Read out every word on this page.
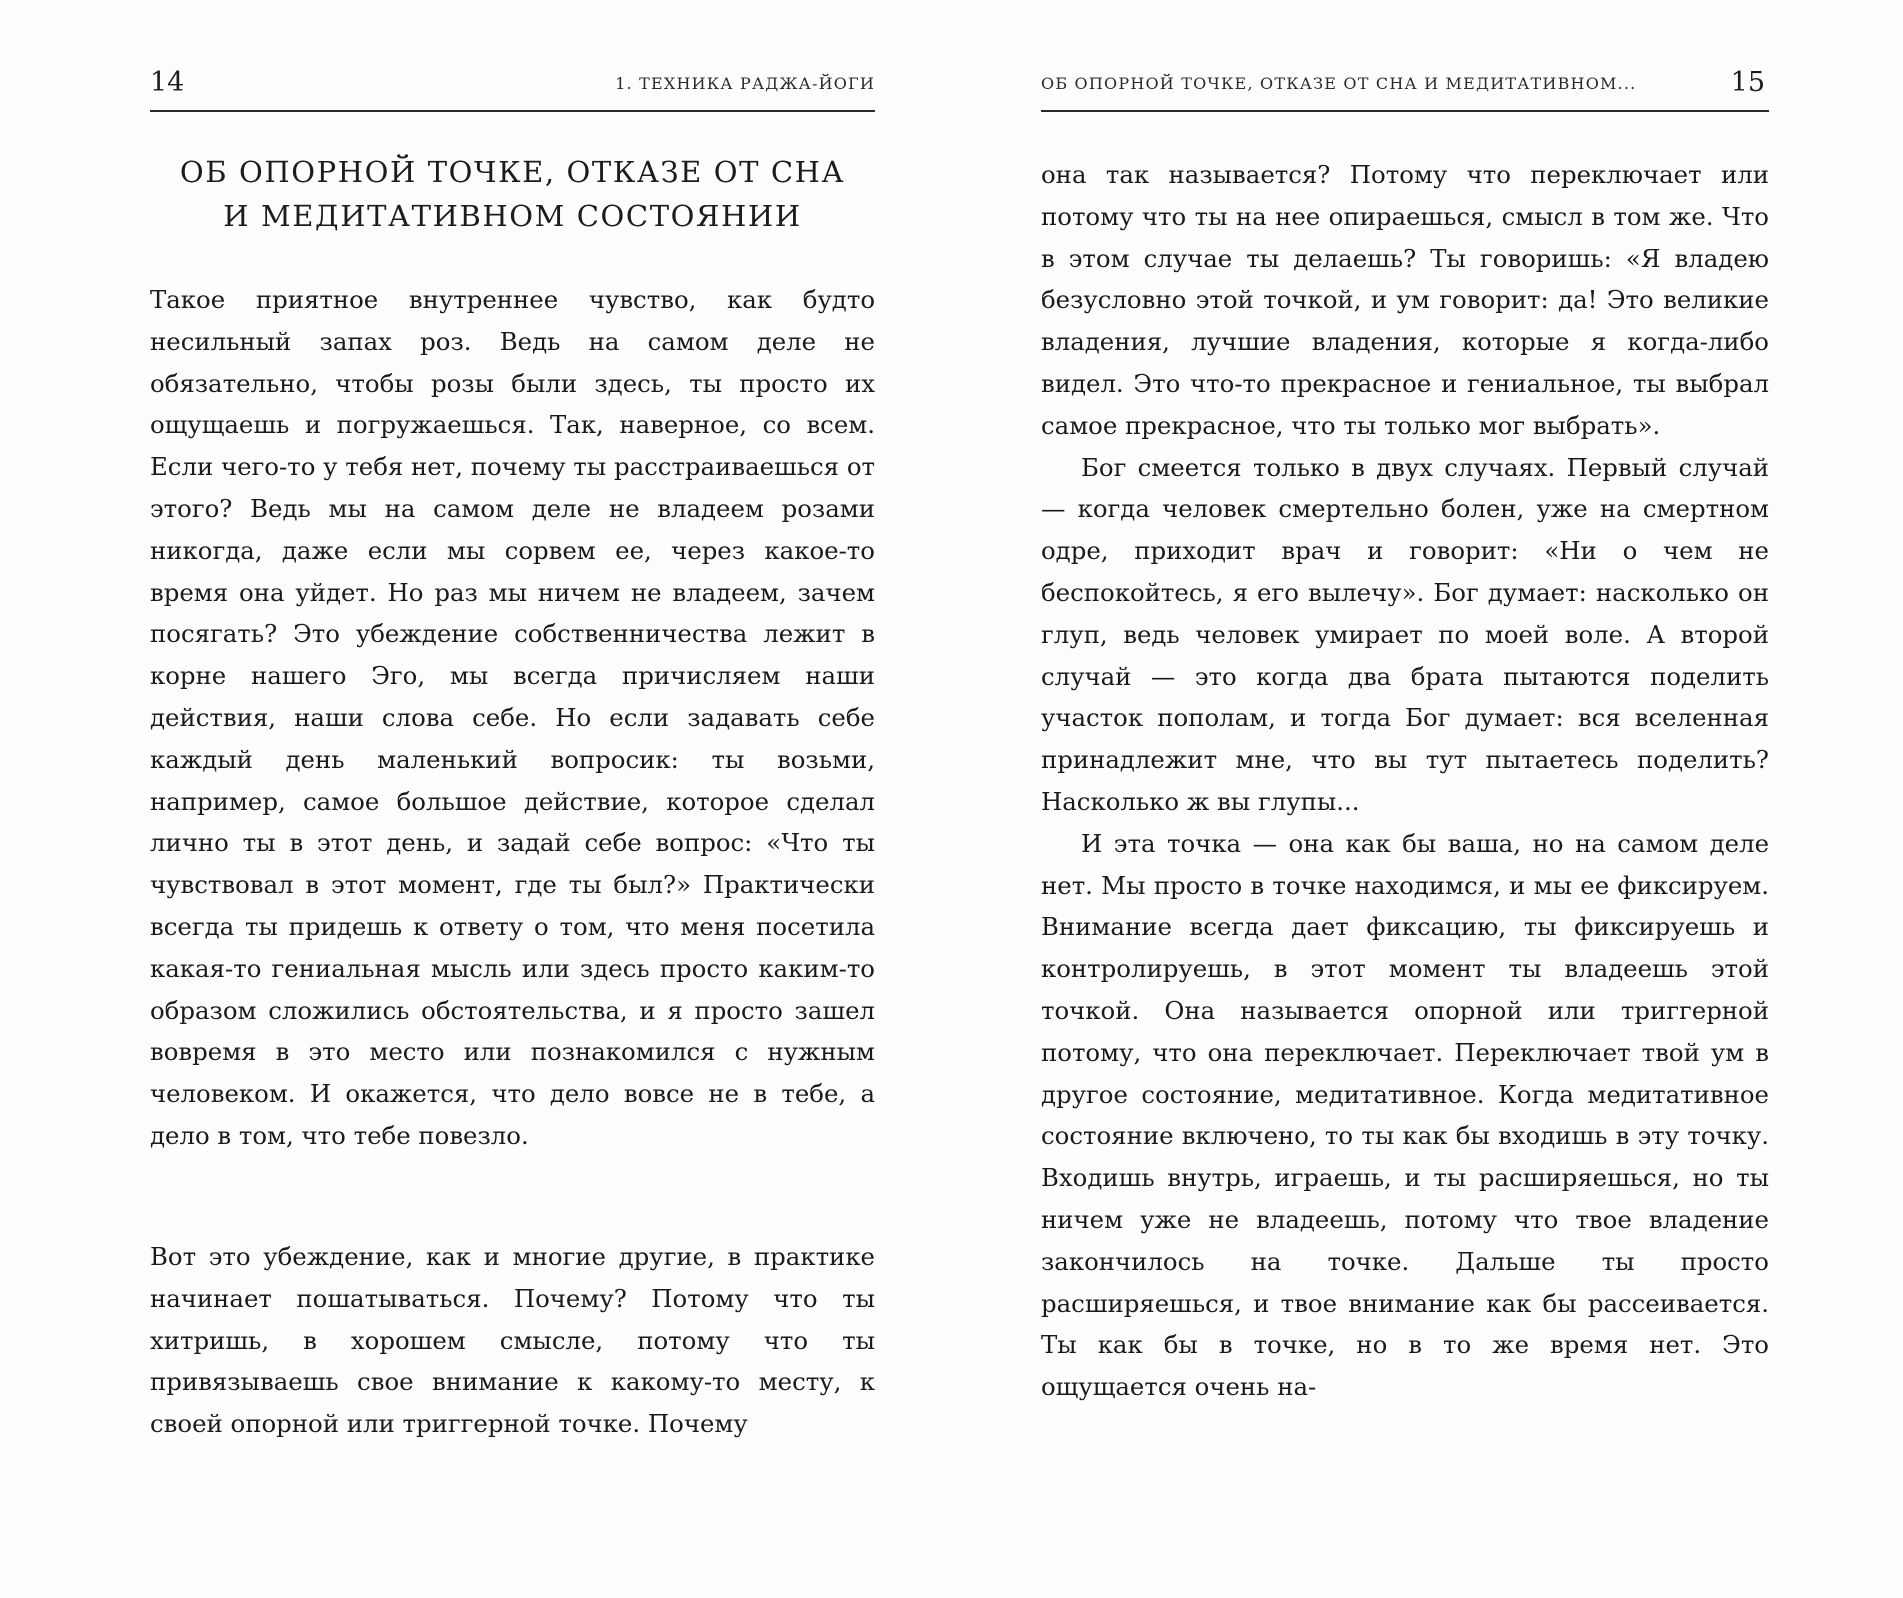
14	1. ТЕХНИКА РАДЖА-ЙОГИ
ОБ ОПОРНОЙ ТОЧКЕ, ОТКАЗЕ ОТ СНА
И МЕДИТАТИВНОМ СОСТОЯНИИ

Такое приятное внутреннее чувство, как будто несильный запах роз. Ведь на самом деле не обязательно, чтобы розы были здесь, ты просто их ощущаешь и погружаешься. Так, наверное, со всем. Если чего-то у тебя нет, почему ты расстраиваешься от этого? Ведь мы на самом деле не владеем розами никогда, даже если мы сорвем ее, через какое-то время она уйдет. Но раз мы ничем не владеем, зачем посягать? Это убеждение собственничества лежит в корне нашего Эго, мы всегда причисляем наши действия, наши слова себе. Но если задавать себе каждый день маленький вопросик: ты возьми, например, самое большое действие, которое сделал лично ты в этот день, и задай себе вопрос: «Что ты чувствовал в этот момент, где ты был?» Практически всегда ты придешь к ответу о том, что меня посетила какая-то гениальная мысль или здесь просто каким-то образом сложились обстоятельства, и я просто зашел вовремя в это место или познакомился с нужным человеком. И окажется, что дело вовсе не в тебе, а дело в том, что тебе повезло.

Вот это убеждение, как и многие другие, в практике начинает пошатываться. Почему? Потому что ты хитришь, в хорошем смысле, потому что ты привязываешь свое внимание к какому-то месту, к своей опорной или триггерной точке. Почему

ОБ ОПОРНОЙ ТОЧКЕ, ОТКАЗЕ ОТ СНА И МЕДИТАТИВНОМ...	15

она так называется? Потому что переключает или потому что ты на нее опираешься, смысл в том же. Что в этом случае ты делаешь? Ты говоришь: «Я владею безусловно этой точкой, и ум говорит: да! Это великие владения, лучшие владения, которые я когда-либо видел. Это что-то прекрасное и гениальное, ты выбрал самое прекрасное, что ты только мог выбрать».

Бог смеется только в двух случаях. Первый случай — когда человек смертельно болен, уже на смертном одре, приходит врач и говорит: «Ни о чем не беспокойтесь, я его вылечу». Бог думает: насколько он глуп, ведь человек умирает по моей воле. А второй случай — это когда два брата пытаются поделить участок пополам, и тогда Бог думает: вся вселенная принадлежит мне, что вы тут пытаетесь поделить? Насколько ж вы глупы...

И эта точка — она как бы ваша, но на самом деле нет. Мы просто в точке находимся, и мы ее фиксируем. Внимание всегда дает фиксацию, ты фиксируешь и контролируешь, в этот момент ты владеешь этой точкой. Она называется опорной или триггерной потому, что она переключает. Переключает твой ум в другое состояние, медитативное. Когда медитативное состояние включено, то ты как бы входишь в эту точку. Входишь внутрь, играешь, и ты расширяешься, но ты ничем уже не владеешь, потому что твое владение закончилось на точке. Дальше ты просто расширяешься, и твое внимание как бы рассеивается. Ты как бы в точке, но в то же время нет. Это ощущается очень на-
